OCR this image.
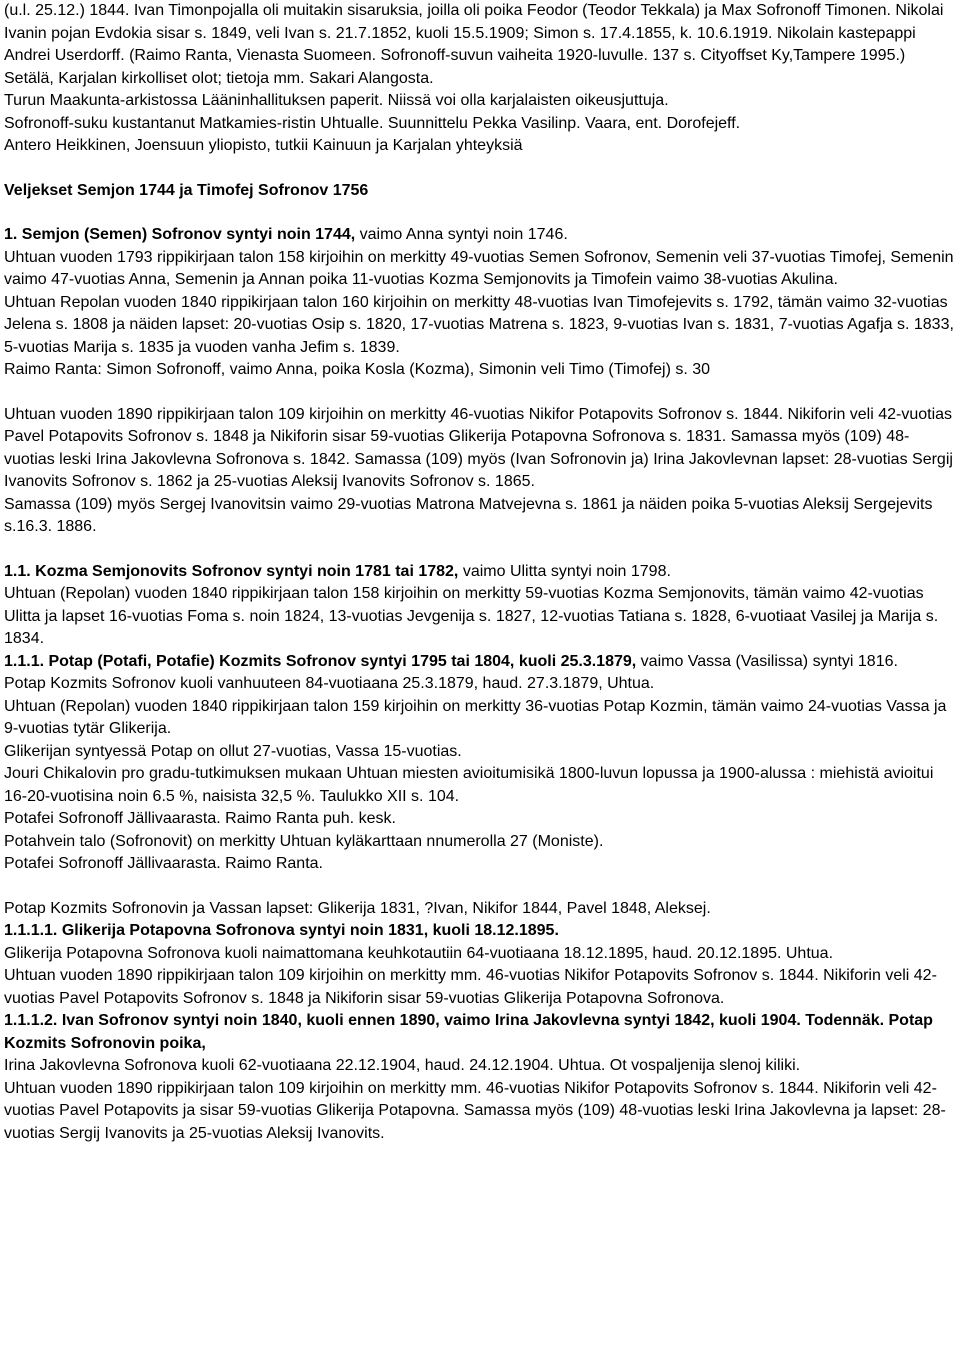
(u.l. 25.12.) 1844. Ivan Timonpojalla oli muitakin sisaruksia, joilla oli poika Feodor (Teodor Tekkala) ja Max Sofronoff Timonen. Nikolai Ivanin pojan Evdokia sisar s. 1849, veli Ivan s. 21.7.1852, kuoli 15.5.1909; Simon s. 17.4.1855, k. 10.6.1919. Nikolain kastepappi Andrei Userdorff. (Raimo Ranta, Vienasta Suomeen. Sofronoff-suvun vaiheita 1920-luvulle. 137 s. Cityoffset Ky,Tampere 1995.)

Setälä, Karjalan kirkolliset olot; tietoja mm. Sakari Alangosta.

Turun Maakunta-arkistossa Lääninhallituksen paperit. Niissä voi olla karjalaisten oikeusjuttuja.

Sofronoff-suku kustantanut Matkamies-ristin Uhtualle. Suunnittelu Pekka Vasilinp. Vaara, ent. Dorofejeff.

Antero Heikkinen, Joensuun yliopisto, tutkii Kainuun ja Karjalan yhteyksiä

Veljekset Semjon 1744 ja Timofej Sofronov 1756

1. Semjon (Semen) Sofronov syntyi noin 1744, vaimo Anna syntyi noin 1746.

Uhtuan vuoden 1793 rippikirjaan talon 158 kirjoihin on merkitty 49-vuotias Semen Sofronov, Semenin veli 37-vuotias Timofej, Semenin vaimo 47-vuotias Anna, Semenin ja Annan poika 11-vuotias Kozma Semjonovits ja Timofein vaimo 38-vuotias Akulina.

Uhtuan Repolan vuoden 1840 rippikirjaan talon 160 kirjoihin on merkitty 48-vuotias Ivan Timofejevits s. 1792, tämän vaimo 32-vuotias Jelena s. 1808 ja näiden lapset: 20-vuotias Osip s. 1820, 17-vuotias Matrena s. 1823, 9-vuotias Ivan s. 1831, 7-vuotias Agafja s. 1833, 5-vuotias Marija s. 1835 ja vuoden vanha Jefim s. 1839.

Raimo Ranta: Simon Sofronoff, vaimo Anna, poika Kosla (Kozma), Simonin veli Timo (Timofej) s. 30

Uhtuan vuoden 1890 rippikirjaan talon 109 kirjoihin on merkitty 46-vuotias Nikifor Potapovits Sofronov s. 1844. Nikiforin veli 42-vuotias Pavel Potapovits Sofronov s. 1848 ja Nikiforin sisar 59-vuotias Glikerija Potapovna Sofronova s. 1831. Samassa myös (109) 48-vuotias leski Irina Jakovlevna Sofronova s. 1842. Samassa (109) myös (Ivan Sofronovin ja) Irina Jakovlevnan lapset: 28-vuotias Sergij Ivanovits Sofronov s. 1862 ja 25-vuotias Aleksij Ivanovits Sofronov s. 1865.

Samassa (109) myös Sergej Ivanovitsin vaimo 29-vuotias Matrona Matvejevna s. 1861 ja näiden poika 5-vuotias Aleksij Sergejevits s.16.3. 1886.

1.1. Kozma Semjonovits Sofronov syntyi noin 1781 tai 1782, vaimo Ulitta syntyi noin 1798.

Uhtuan (Repolan) vuoden 1840 rippikirjaan talon 158 kirjoihin on merkitty 59-vuotias Kozma Semjonovits, tämän vaimo 42-vuotias Ulitta ja lapset 16-vuotias Foma s. noin 1824, 13-vuotias Jevgenija s. 1827, 12-vuotias Tatiana s. 1828, 6-vuotiaat Vasilej ja Marija s. 1834.

1.1.1. Potap (Potafi, Potafie) Kozmits Sofronov syntyi 1795 tai 1804, kuoli 25.3.1879, vaimo Vassa (Vasilissa) syntyi 1816.

Potap Kozmits Sofronov kuoli vanhuuteen 84-vuotiaana 25.3.1879, haud. 27.3.1879, Uhtua.

Uhtuan (Repolan) vuoden 1840 rippikirjaan talon 159 kirjoihin on merkitty 36-vuotias Potap Kozmin, tämän vaimo 24-vuotias Vassa ja 9-vuotias tytär Glikerija.

Glikerijan syntyessä Potap on ollut 27-vuotias, Vassa 15-vuotias.

Jouri Chikalovin pro gradu-tutkimuksen mukaan Uhtuan miesten avioitumisikä 1800-luvun lopussa ja 1900-alussa : miehistä avioitui 16-20-vuotisina noin 6.5 %, naisista 32,5 %. Taulukko XII s. 104.

Potafei Sofronoff Jällivaarasta. Raimo Ranta puh. kesk.

Potahvein talo (Sofronovit) on merkitty Uhtuan kyläkarttaan nnumerolla 27 (Moniste).

Potafei Sofronoff Jällivaarasta. Raimo Ranta.

Potap Kozmits Sofronovin ja Vassan lapset: Glikerija 1831, ?Ivan, Nikifor 1844, Pavel 1848, Aleksej.

1.1.1.1. Glikerija Potapovna Sofronova syntyi noin 1831, kuoli 18.12.1895.

Glikerija Potapovna Sofronova kuoli naimattomana keuhkotautiin 64-vuotiaana 18.12.1895, haud. 20.12.1895. Uhtua.

Uhtuan vuoden 1890 rippikirjaan talon 109 kirjoihin on merkitty mm. 46-vuotias Nikifor Potapovits Sofronov s. 1844. Nikiforin veli 42-vuotias Pavel Potapovits Sofronov s. 1848 ja Nikiforin sisar 59-vuotias Glikerija Potapovna Sofronova.

1.1.1.2. Ivan Sofronov syntyi noin 1840, kuoli ennen 1890, vaimo Irina Jakovlevna syntyi 1842, kuoli 1904. Todennäk. Potap Kozmits Sofronovin poika,

Irina Jakovlevna Sofronova kuoli 62-vuotiaana 22.12.1904, haud. 24.12.1904. Uhtua. Ot vospaljenija slenoj kiliki.

Uhtuan vuoden 1890 rippikirjaan talon 109 kirjoihin on merkitty mm. 46-vuotias Nikifor Potapovits Sofronov s. 1844. Nikiforin veli 42-vuotias Pavel Potapovits ja sisar 59-vuotias Glikerija Potapovna. Samassa myös (109) 48-vuotias leski Irina Jakovlevna ja lapset: 28-vuotias Sergij Ivanovits ja 25-vuotias Aleksij Ivanovits.
